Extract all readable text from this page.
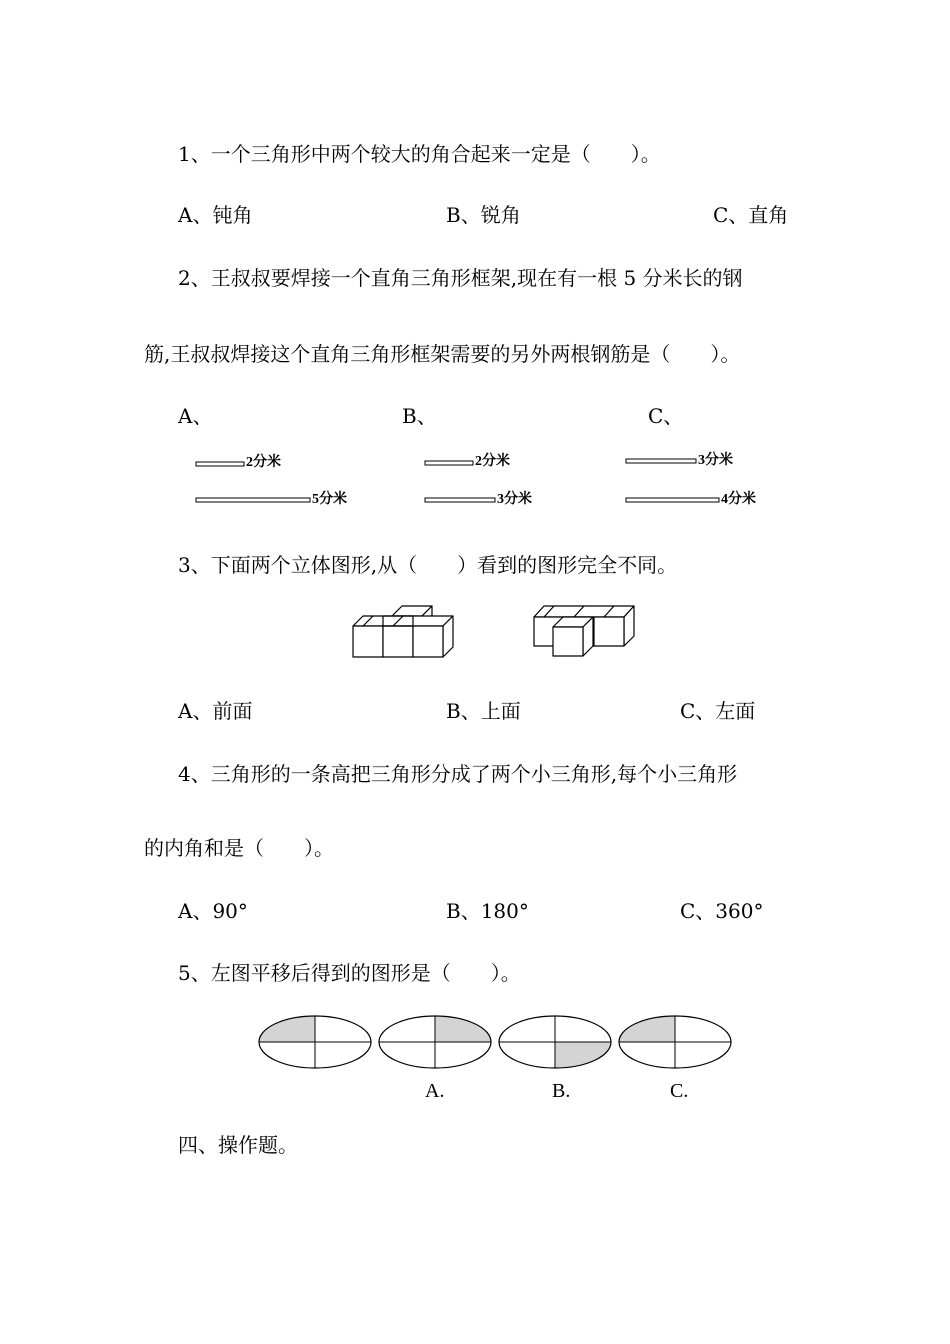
1、一个三角形中两个较大的角合起来一定是（　　）。
A、钝角	B、锐角	C、直角
2、王叔叔要焊接一个直角三角形框架,现在有一根 5 分米长的钢
筋,王叔叔焊接这个直角三角形框架需要的另外两根钢筋是（　　）。
A、	B、	C、
2分米
5分米
2分米
3分米
3分米
4分米
3、下面两个立体图形,从（　　）看到的图形完全不同。
A、前面	B、上面	C、左面
4、三角形的一条高把三角形分成了两个小三角形,每个小三角形
的内角和是（　　）。
A、90°	B、180°	C、360°
5、左图平移后得到的图形是（　　）。
A.	B.	C.
四、操作题。
